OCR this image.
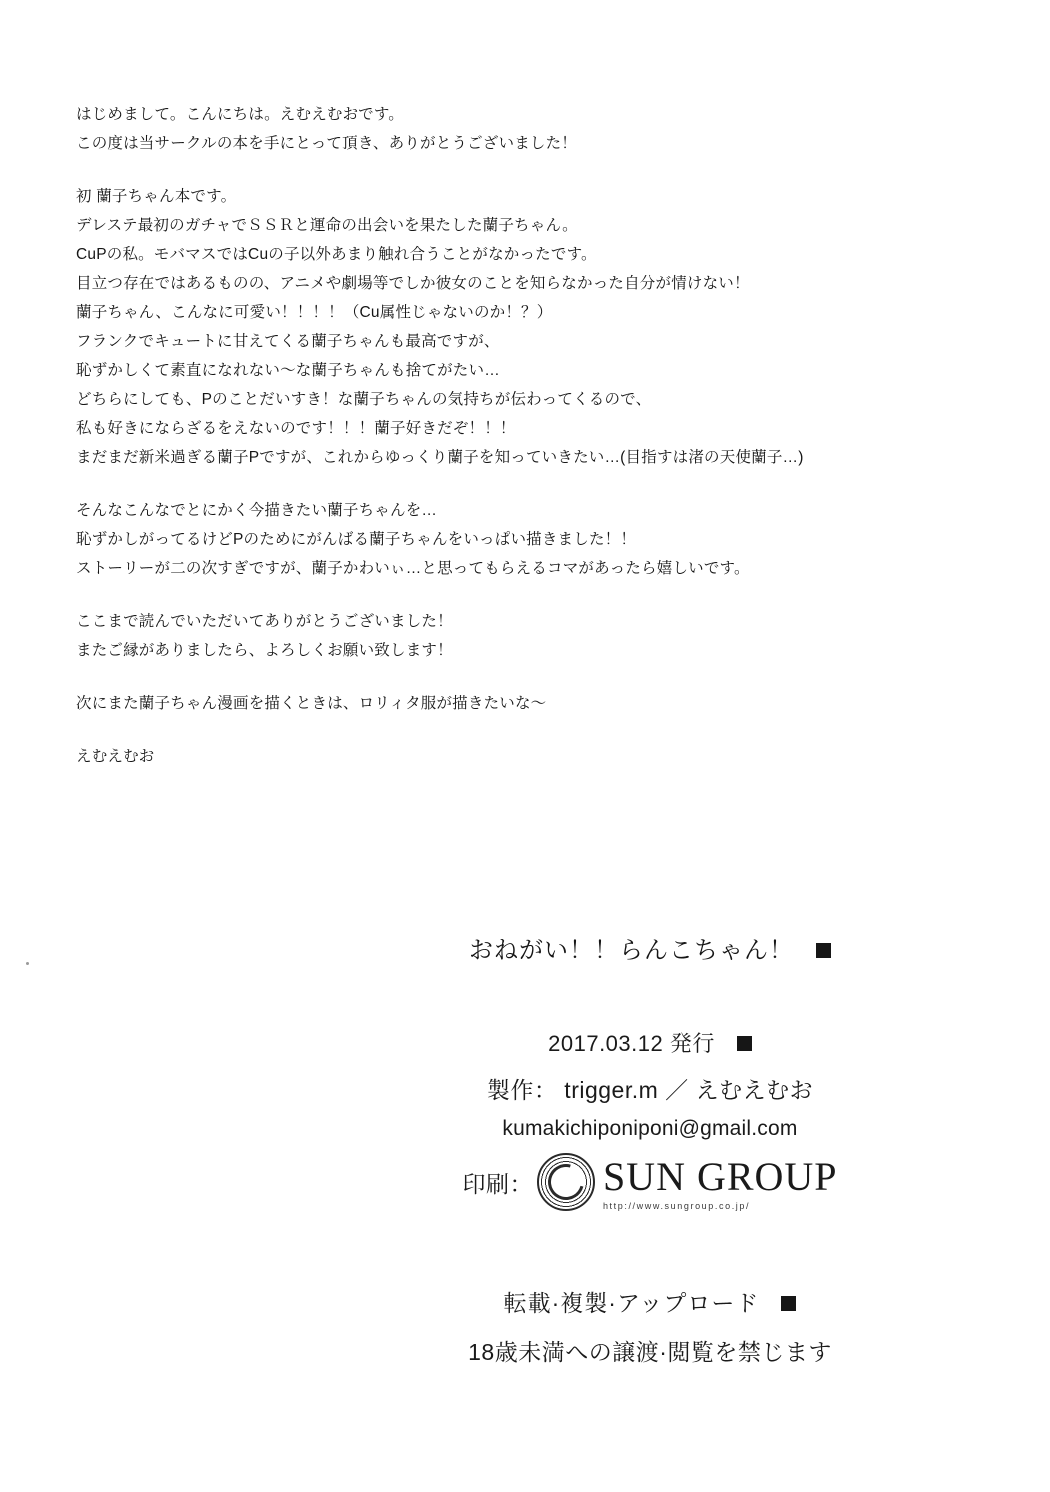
はじめまして。こんにちは。えむえむおです。
この度は当サークルの本を手にとって頂き、ありがとうございました！
初 蘭子ちゃん本です。
デレステ最初のガチャでＳＳＲと運命の出会いを果たした蘭子ちゃん。
CuPの私。モバマスではCuの子以外あまり触れ合うことがなかったです。
目立つ存在ではあるものの、アニメや劇場等でしか彼女のことを知らなかった自分が情けない！
蘭子ちゃん、こんなに可愛い！！！！（Cu属性じゃないのか！？）
フランクでキュートに甘えてくる蘭子ちゃんも最高ですが、
恥ずかしくて素直になれない〜な蘭子ちゃんも捨てがたい…
どちらにしても、Pのことだいすき！な蘭子ちゃんの気持ちが伝わってくるので、
私も好きにならざるをえないのです！！！蘭子好きだぞ！！！
まだまだ新米過ぎる蘭子Pですが、これからゆっくり蘭子を知っていきたい…(目指すは渚の天使蘭子…)
そんなこんなでとにかく今描きたい蘭子ちゃんを…
恥ずかしがってるけどPのためにがんばる蘭子ちゃんをいっぱい描きました！！
ストーリーが二の次すぎですが、蘭子かわいぃ…と思ってもらえるコマがあったら嬉しいです。
ここまで読んでいただいてありがとうございました！
またご縁がありましたら、よろしくお願い致します！
次にまた蘭子ちゃん漫画を描くときは、ロリィタ服が描きたいな〜
えむえむお
おねがい！！らんこちゃん！
2017.03.12 発行
製作： trigger.m ／ えむえむお
kumakichiponiponi@gmail.com
印刷： SUN GROUP
http://www.sungroup.co.jp/
転載·複製·アップロード
18歳未満への譲渡·閲覧を禁じます
